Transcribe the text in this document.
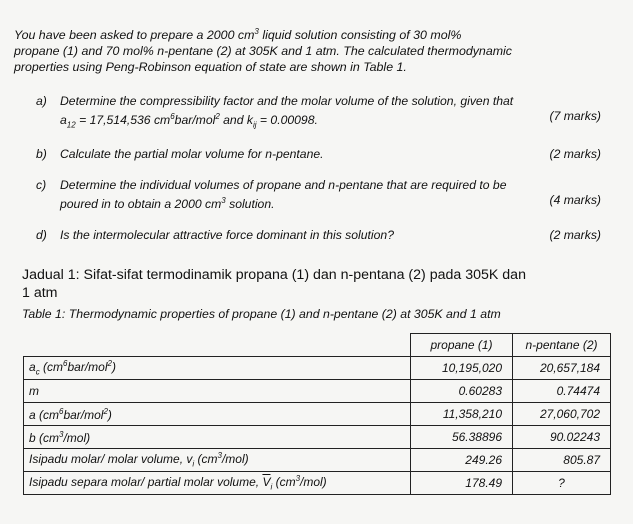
You have been asked to prepare a 2000 $cm^3$ liquid solution consisting of 30 mol%
propane (1) and 70 mol% n-pentane (2) at 305K and 1 atm. The calculated thermodynamic
properties using Peng-Robinson equation of state are shown in Table 1.
a) Determine the compressibility factor and the molar volume of the solution, given that
$a_{12} = 17,514,536$ $cm^6bar/mol^2$ and $k_{ij} = 0.00098$.	(7 marks)
b) Calculate the partial molar volume for n-pentane.	(2 marks)
c) Determine the individual volumes of propane and n-pentane that are required to be
poured in to obtain a 2000 $cm^3$ solution.	(4 marks)
d) Is the intermolecular attractive force dominant in this solution?	(2 marks)
Jadual 1: Sifat-sifat termodinamik propana (1) dan n-pentana (2) pada 305K dan
1 atm
Table 1: Thermodynamic properties of propane (1) and n-pentane (2) at 305K and 1 atm
	propane (1)	n-pentane (2)
$a_c$ $(cm^6bar/mol^2)$	10,195,020	20,657,184
m	0.60283	0.74474
a $(cm^6bar/mol^2)$	11,358,210	27,060,702
b $(cm^3/mol)$	56.38896	90.02243
Isipadu molar/ molar volume, $v_i$ $(cm^3/mol)$	249.26	805.87
Isipadu separa molar/ partial molar volume, $\overline{V}_i$ $(cm^3/mol)$	178.49	?
